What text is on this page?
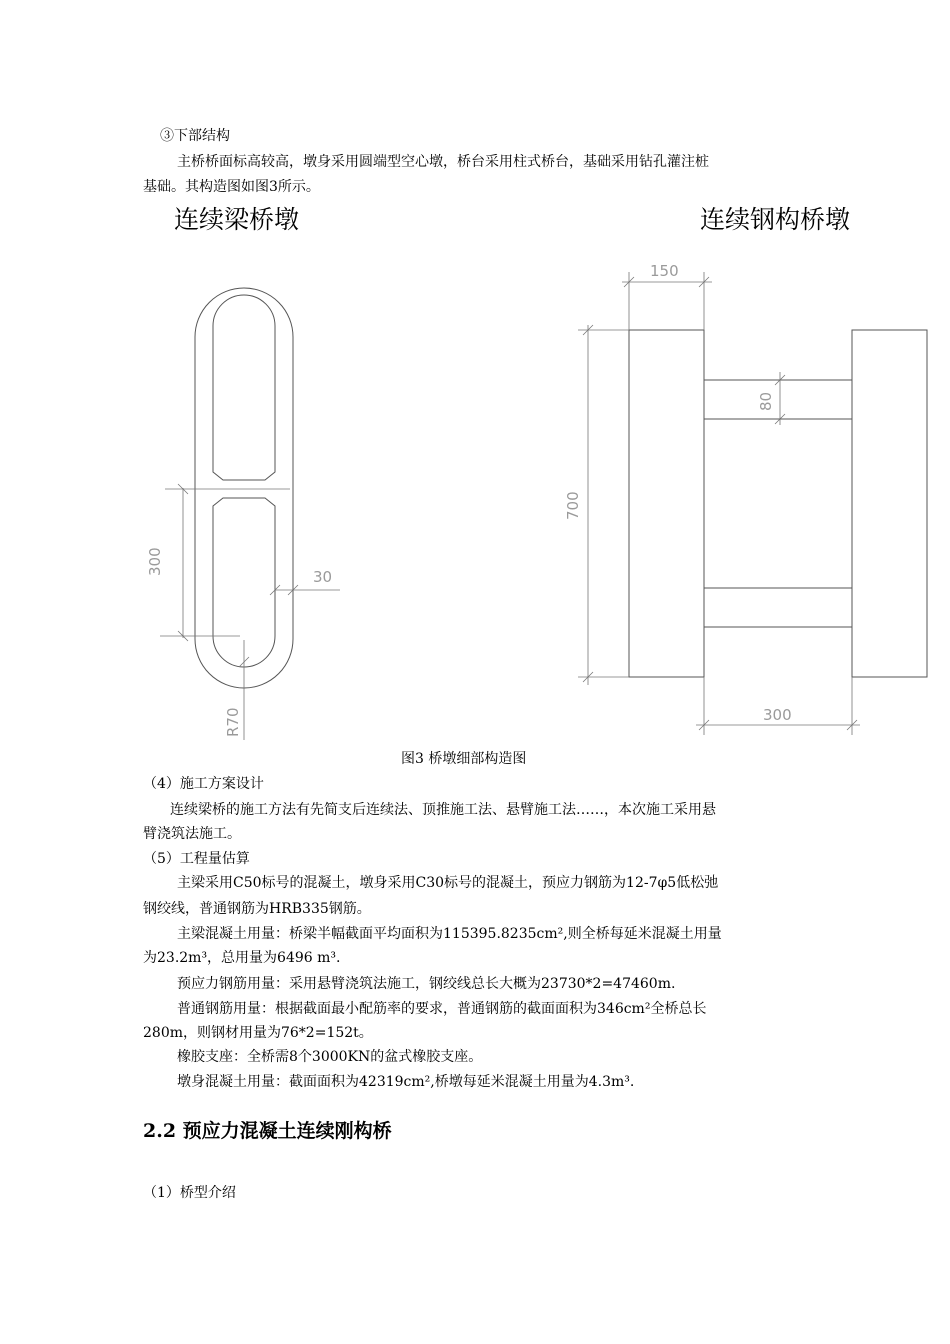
③下部结构
主桥桥面标高较高，墩身采用圆端型空心墩，桥台采用柱式桥台，基础采用钻孔灌注桩
基础。其构造图如图3所示。
连续梁桥墩	连续钢构桥墩
300
30
R70
150
80
700
300
图3 桥墩细部构造图
（4）施工方案设计
连续梁桥的施工方法有先简支后连续法、顶推施工法、悬臂施工法……，本次施工采用悬
臂浇筑法施工。
（5）工程量估算
主梁采用C50标号的混凝土，墩身采用C30标号的混凝土，预应力钢筋为12-7φ5低松弛
钢绞线，普通钢筋为HRB335钢筋。
主梁混凝土用量：桥梁半幅截面平均面积为115395.8235cm²,则全桥每延米混凝土用量
为23.2m³，总用量为6496 m³.
预应力钢筋用量：采用悬臂浇筑法施工，钢绞线总长大概为23730*2=47460m.
普通钢筋用量：根据截面最小配筋率的要求，普通钢筋的截面面积为346cm²全桥总长
280m，则钢材用量为76*2=152t。
橡胶支座：全桥需8个3000KN的盆式橡胶支座。
墩身混凝土用量：截面面积为42319cm²,桥墩每延米混凝土用量为4.3m³.
2.2 预应力混凝土连续刚构桥
（1）桥型介绍
